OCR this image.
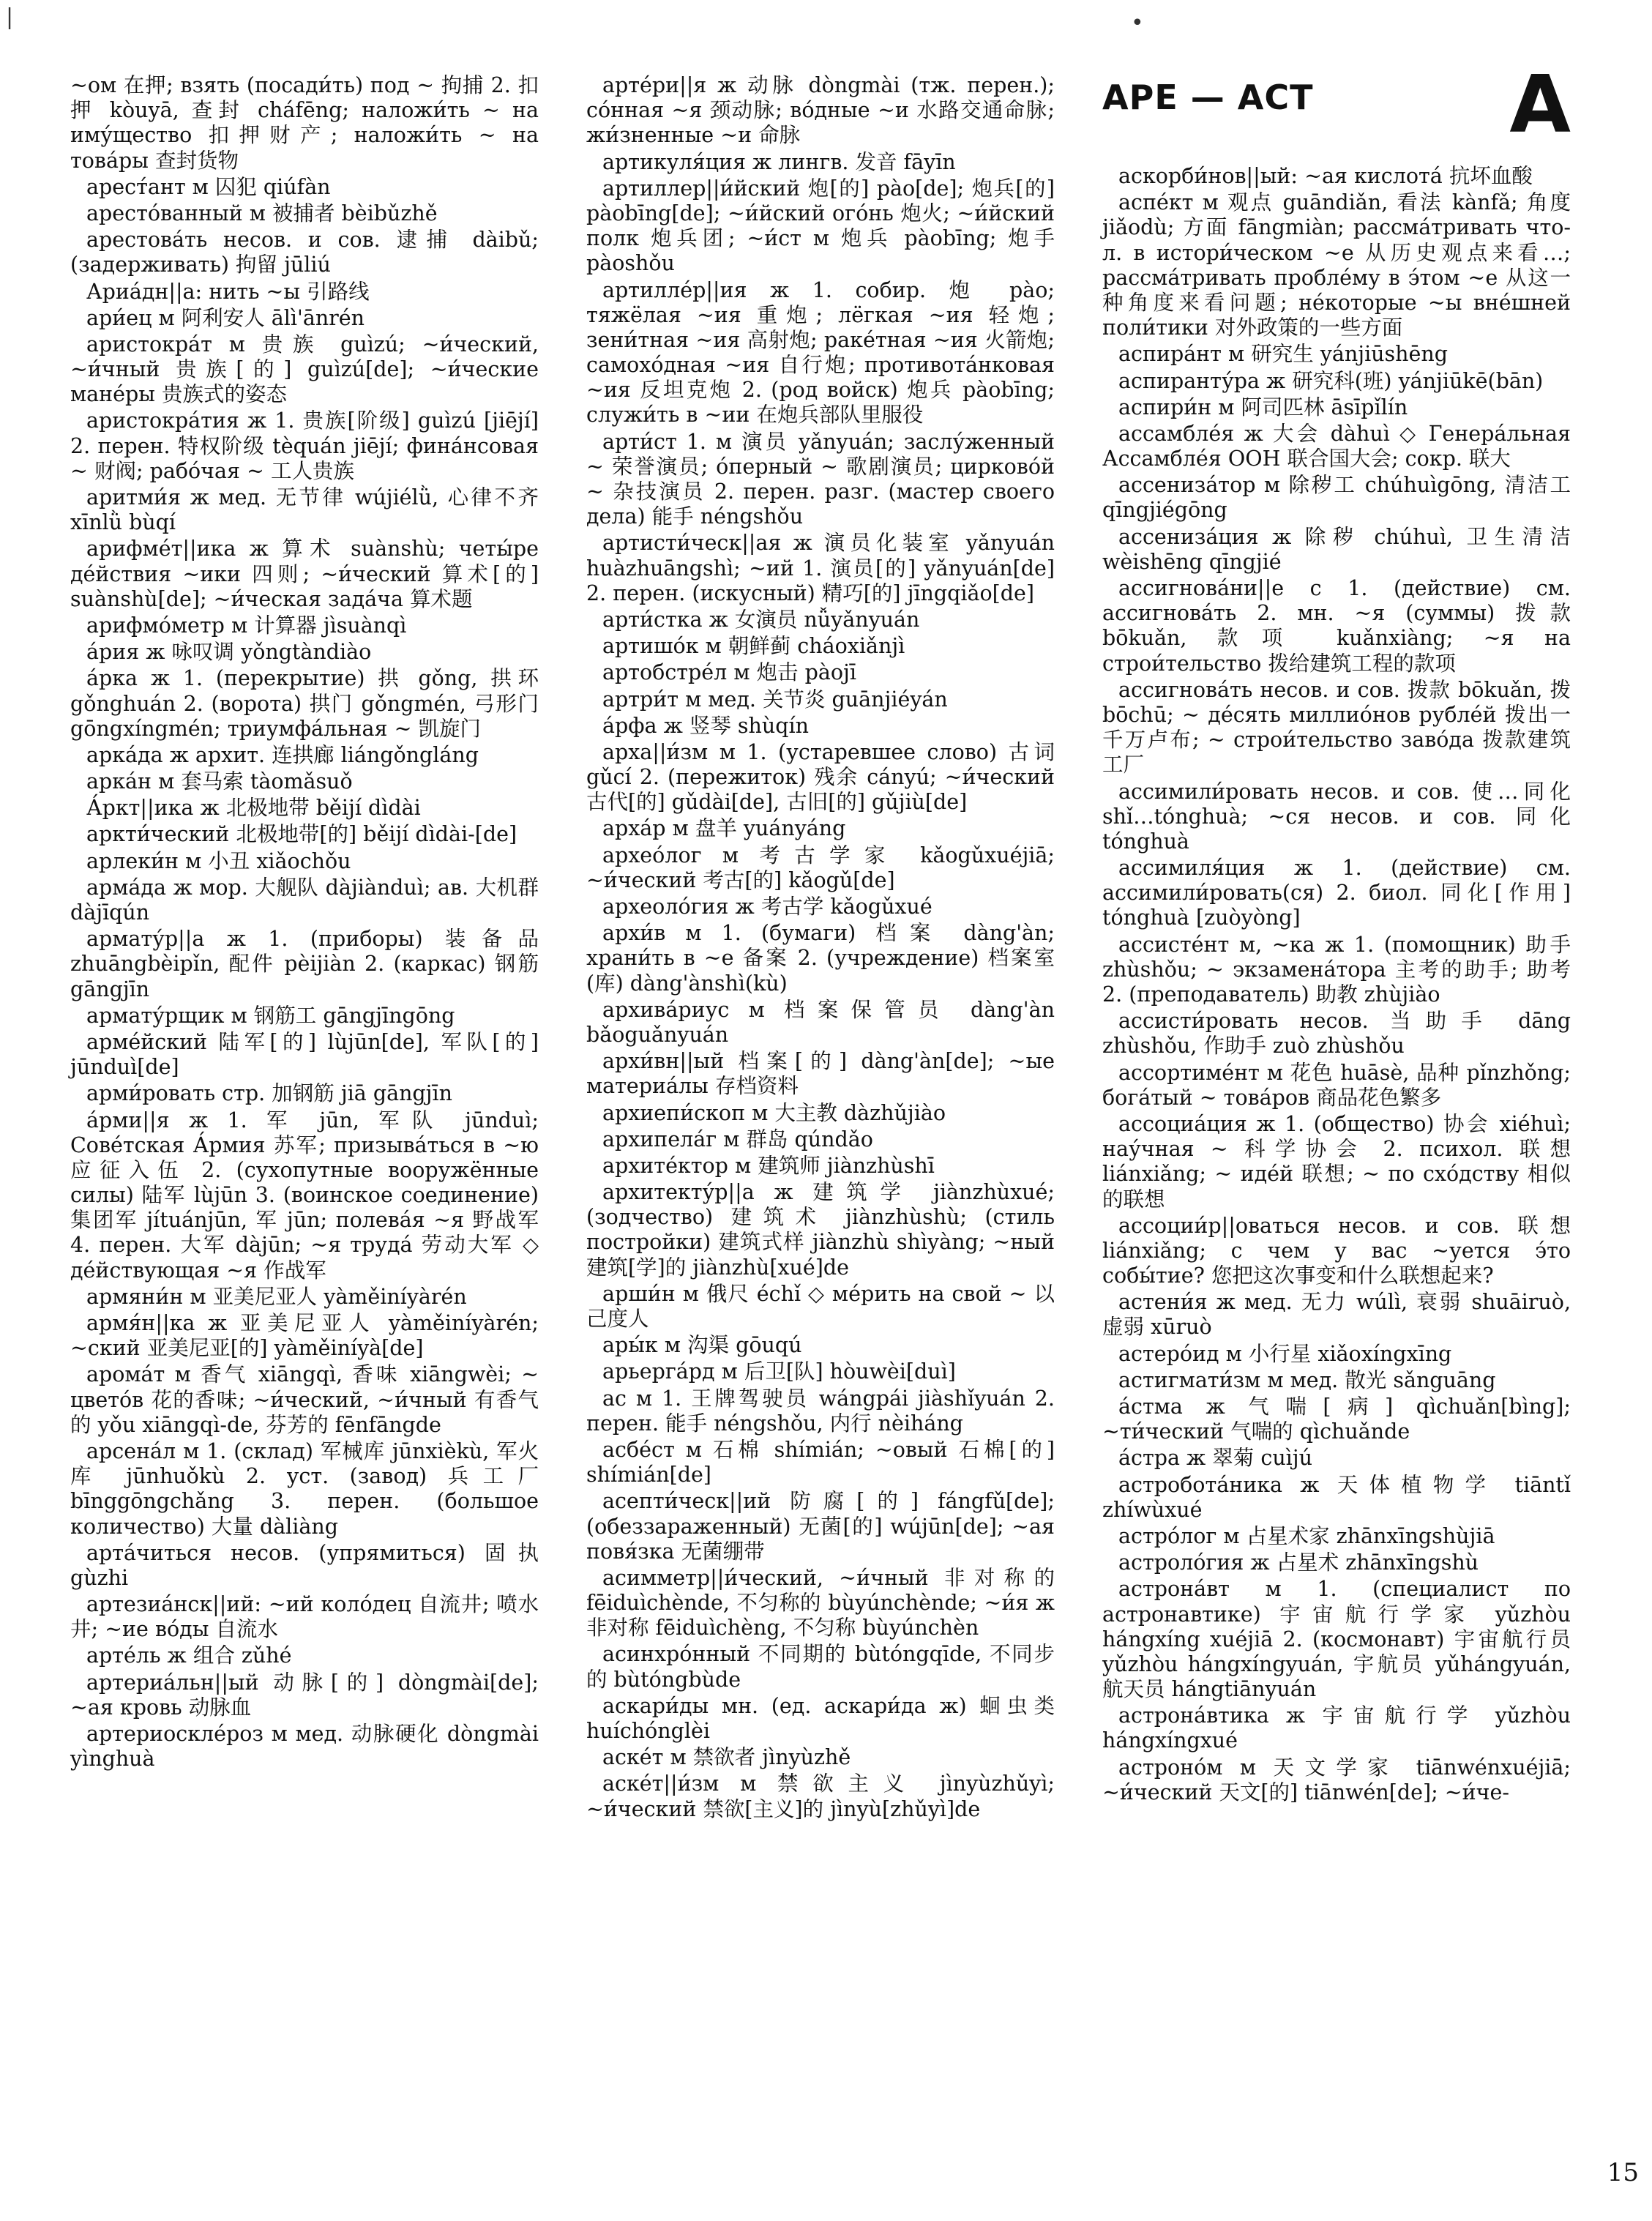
~ом 在押; взять (посади́ть) под ~ 拘捕 2. 扣押 kòuyā, 查封 cháfēng; наложи́ть ~ на иму́щество 扣押财产; наложи́ть ~ на това́ры 查封货物

арест́ант м 囚犯 qiúfàn

арестóванный м 被捕者 bèibǔzhě

арестова́ть несов. и сов. 逮捕 dàibǔ; (задерживать) 拘留 jūliú

Ариа́дн||а: нить ~ы 引路线

ари́ец м 阿利安人 ālì'ānrén

аристокра́т м 贵族 guìzú; ~и́ческий, ~и́чный 贵族[的] guìzú[de]; ~и́ческие мане́ры 贵族式的姿态

аристокра́тия ж 1. 贵族[阶级] guìzú [jiējí] 2. перен. 特权阶级 tèquán jiējí; фина́нсовая ~ 财阀; рабо́чая ~ 工人贵族

аритми́я ж мед. 无节律 wújiélǜ, 心律不齐 xīnlǜ bùqí

арифме́т||ика ж 算术 suànshù; четы́ре де́йствия ~ики 四则; ~и́ческий 算术[的] suànshù[de]; ~и́ческая зада́ча 算术题

арифмо́метр м 计算器 jìsuànqì

а́рия ж 咏叹调 yǒngtàndiào

а́рка ж 1. (перекрытие) 拱 gǒng, 拱环 gǒnghuán 2. (ворота) 拱门 gǒngmén, 弓形门 gōngxíngmén; триумфа́льная ~ 凯旋门

арка́да ж архит. 连拱廊 liángǒngláng

арка́н м 套马索 tàomǎsuǒ

А́ркт||ика ж 北极地带 běijí dìdài

аркти́ческий 北极地带[的] běijí dìdài-[de]

арлеки́н м 小丑 xiǎochǒu

арма́да ж мор. 大舰队 dàjiànduì; ав. 大机群 dàjīqún

армату́р||а ж 1. (приборы) 装备品 zhuāngbèipǐn, 配件 pèijiàn 2. (каркас) 钢筋 gāngjīn

армату́рщик м 钢筋工 gāngjīngōng

арме́йский 陆军[的] lùjūn[de], 军队[的] jūnduì[de]

арми́ровать стр. 加钢筋 jiā gāngjīn

а́рми||я ж 1. 军 jūn, 军队 jūnduì; Сове́тская А́рмия 苏军; призыва́ться в ~ю 应征入伍 2. (сухопутные вооружённые силы) 陆军 lùjūn 3. (воинское соединение) 集团军 jítuánjūn, 军 jūn; полева́я ~я 野战军 4. перен. 大军 dàjūn; ~я труда́ 劳动大军 ◇ де́йствующая ~я 作战军

армяни́н м 亚美尼亚人 yàměiníyàrén

армя́н||ка ж 亚美尼亚人 yàměiníyàrén; ~ский 亚美尼亚[的] yàměiníyà[de]

арома́т м 香气 xiāngqì, 香味 xiāngwèi; ~ цвето́в 花的香味; ~и́ческий, ~и́чный 有香气的 yǒu xiāngqì-de, 芬芳的 fēnfāngde

арсена́л м 1. (склад) 军械库 jūnxièkù, 军火库 jūnhuǒkù 2. уст. (завод) 兵工厂 bīnggōngchǎng 3. перен. (большое количество) 大量 dàliàng

арта́читься несов. (упрямиться) 固执 gùzhi

артезиа́нск||ий: ~ий коло́дец 自流井; 喷水井; ~ие во́ды 自流水

арте́ль ж 组合 zǔhé

артериа́льн||ый 动脉[的] dòngmài[de]; ~ая кровь 动脉血

артериоскле́роз м мед. 动脉硬化 dòngmài yìnghuà

арте́ри||я ж 动脉 dòngmài (тж. перен.); со́нная ~я 颈动脉; во́дные ~и 水路交通命脉; жи́зненные ~и 命脉

артикуля́ция ж лингв. 发音 fāyīn

артиллер||и́йский 炮[的] pào[de]; 炮兵[的] pàobīng[de]; ~и́йский ого́нь 炮火; ~и́йский полк 炮兵团; ~и́ст м 炮兵 pàobīng; 炮手 pàoshǒu

артилле́р||ия ж 1. собир. 炮 pào; тяжёлая ~ия 重炮; лёгкая ~ия 轻炮; зени́тная ~ия 高射炮; раке́тная ~ия 火箭炮; самохо́дная ~ия 自行炮; противота́нковая ~ия 反坦克炮 2. (род войск) 炮兵 pàobīng; служи́ть в ~ии 在炮兵部队里服役

арти́ст 1. м 演员 yǎnyuán; заслу́женный ~ 荣誉演员; о́перный ~ 歌剧演员; цирково́й ~ 杂技演员 2. перен. разг. (мастер своего дела) 能手 néngshǒu

артисти́ческ||ая ж 演员化装室 yǎnyuán huàzhuāngshì; ~ий 1. 演员[的] yǎnyuán[de] 2. перен. (искусный) 精巧[的] jīngqiǎo[de]

арти́стка ж 女演员 nǚyǎnyuán

артишо́к м 朝鲜蓟 cháoxiǎnjì

артобстре́л м 炮击 pàojī

артри́т м мед. 关节炎 guānjiéyán

а́рфа ж 竖琴 shùqín

арха||и́зм м 1. (устаревшее слово) 古词 gǔcí 2. (пережиток) 残余 cányú; ~и́ческий 古代[的] gǔdài[de], 古旧[的] gǔjiù[de]

арха́р м 盘羊 yuányáng

архео́лог м 考古学家 kǎogǔxuéjiā; ~и́ческий 考古[的] kǎogǔ[de]

археоло́гия ж 考古学 kǎogǔxué

архи́в м 1. (бумаги) 档案 dàng'àn; храни́ть в ~е 备案 2. (учреждение) 档案室(库) dàng'ànshì(kù)

архива́риус м 档案保管员 dàng'àn bǎoguǎnyuán

архи́вн||ый 档案[的] dàng'àn[de]; ~ые материа́лы 存档资料

архиепи́скоп м 大主教 dàzhǔjiào

архипела́г м 群岛 qúndǎo

архите́ктор м 建筑师 jiànzhùshī

архитекту́р||а ж 建筑学 jiànzhùxué; (зодчество) 建筑术 jiànzhùshù; (стиль постройки) 建筑式样 jiànzhù shìyàng; ~ный 建筑[学]的 jiànzhù[xué]de

арши́н м 俄尺 échǐ ◇ ме́рить на свой ~ 以己度人

ары́к м 沟渠 gōuqú

арьерга́рд м 后卫[队] hòuwèi[duì]

ас м 1. 王牌驾驶员 wángpái jiàshǐyuán 2. перен. 能手 néngshǒu, 内行 nèiháng

асбе́ст м 石棉 shímián; ~овый 石棉[的] shímián[de]

асепти́ческ||ий 防腐[的] fángfǔ[de]; (обеззараженный) 无菌[的] wújūn[de]; ~ая повя́зка 无菌绷带

асимметр||и́ческий, ~и́чный 非对称的 fēiduìchènde, 不匀称的 bùyúnchènde; ~и́я ж 非对称 fēiduìchèng, 不匀称 bùyúnchèn

асинхро́нный 不同期的 bùtóngqīde, 不同步的 bùtóngbùde

аскари́ды мн. (ед. аскари́да ж) 蛔虫类 huíchónglèi

аске́т м 禁欲者 jìnyùzhě

аске́т||и́зм м 禁欲主义 jìnyùzhǔyì; ~и́ческий 禁欲[主义]的 jìnyù[zhǔyì]de

АРЕ — АСТ А

аскорби́нов||ый: ~ая кислота́ 抗坏血酸

аспе́кт м 观点 guāndiǎn, 看法 kànfǎ; 角度 jiǎodù; 方面 fāngmiàn; рассма́тривать что-л. в истори́ческом ~е 从历史观点来看…; рассма́тривать пробле́му в э́том ~е 从这一种角度来看问题; не́которые ~ы вне́шней поли́тики 对外政策的一些方面

аспира́нт м 研究生 yánjiūshēng

аспиранту́ра ж 研究科(班) yánjiūkē(bān)

аспири́н м 阿司匹林 āsīpǐlín

ассамбле́я ж 大会 dàhuì ◇ Генера́льная Ассамбле́я ООН 联合国大会; сокр. 联大

ассениза́тор м 除秽工 chúhuìgōng, 清洁工 qīngjiégōng

ассениза́ция ж 除秽 chúhuì, 卫生清洁 wèishēng qīngjié

ассигнова́ни||е с 1. (действие) см. ассигнова́ть 2. мн. ~я (суммы) 拨款 bōkuǎn, 款项 kuǎnxiàng; ~я на строи́тельство 拨给建筑工程的款项

ассигнова́ть несов. и сов. 拨款 bōkuǎn, 拨 bōchū; ~ де́сять миллио́нов рубле́й 拨出一千万卢布; ~ строи́тельство заво́да 拨款建筑工厂

ассимили́ровать несов. и сов. 使…同化 shǐ…tónghuà; ~ся несов. и сов. 同化 tónghuà

ассимиля́ция ж 1. (действие) см. ассимили́ровать(ся) 2. биол. 同化[作用] tónghuà [zuòyòng]

ассисте́нт м, ~ка ж 1. (помощник) 助手 zhùshǒu; ~ экзамена́тора 主考的助手; 助考 2. (преподаватель) 助教 zhùjiào

ассисти́ровать несов. 当助手 dāng zhùshǒu, 作助手 zuò zhùshǒu

ассортиме́нт м 花色 huāsè, 品种 pǐnzhǒng; бога́тый ~ това́ров 商品花色繁多

ассоциа́ция ж 1. (общество) 协会 xiéhuì; нау́чная ~ 科学协会 2. психол. 联想 liánxiǎng; ~ иде́й 联想; ~ по схо́дству 相似的联想

ассоции́р||оваться несов. и сов. 联想 liánxiǎng; с чем у вас ~уется э́то собы́тие? 您把这次事变和什么联想起来?

астени́я ж мед. 无力 wúlì, 衰弱 shuāiruò, 虚弱 xūruò

астеро́ид м 小行星 xiǎoxíngxīng

астигмати́зм м мед. 散光 sǎnguāng

а́стма ж 气喘[病] qìchuǎn[bìng]; ~ти́ческий 气喘的 qìchuǎnde

а́стра ж 翠菊 cuìjú

астробота́ника ж 天体植物学 tiāntǐ zhíwùxué

астро́лог м 占星术家 zhānxīngshùjiā

астроло́гия ж 占星术 zhānxīngshù

астрона́вт м 1. (специалист по астронавтике) 宇宙航行学家 yǔzhòu hángxíng xuéjiā 2. (космонавт) 宇宙航行员 yǔzhòu hángxíngyuán, 宇航员 yǔhángyuán, 航天员 hángtiānyuán

астрона́втика ж 宇宙航行学 yǔzhòu hángxíngxué

астроно́м м 天文学家 tiānwénxuéjiā; ~и́ческий 天文[的] tiānwén[de]; ~и́че-

15
|	•
